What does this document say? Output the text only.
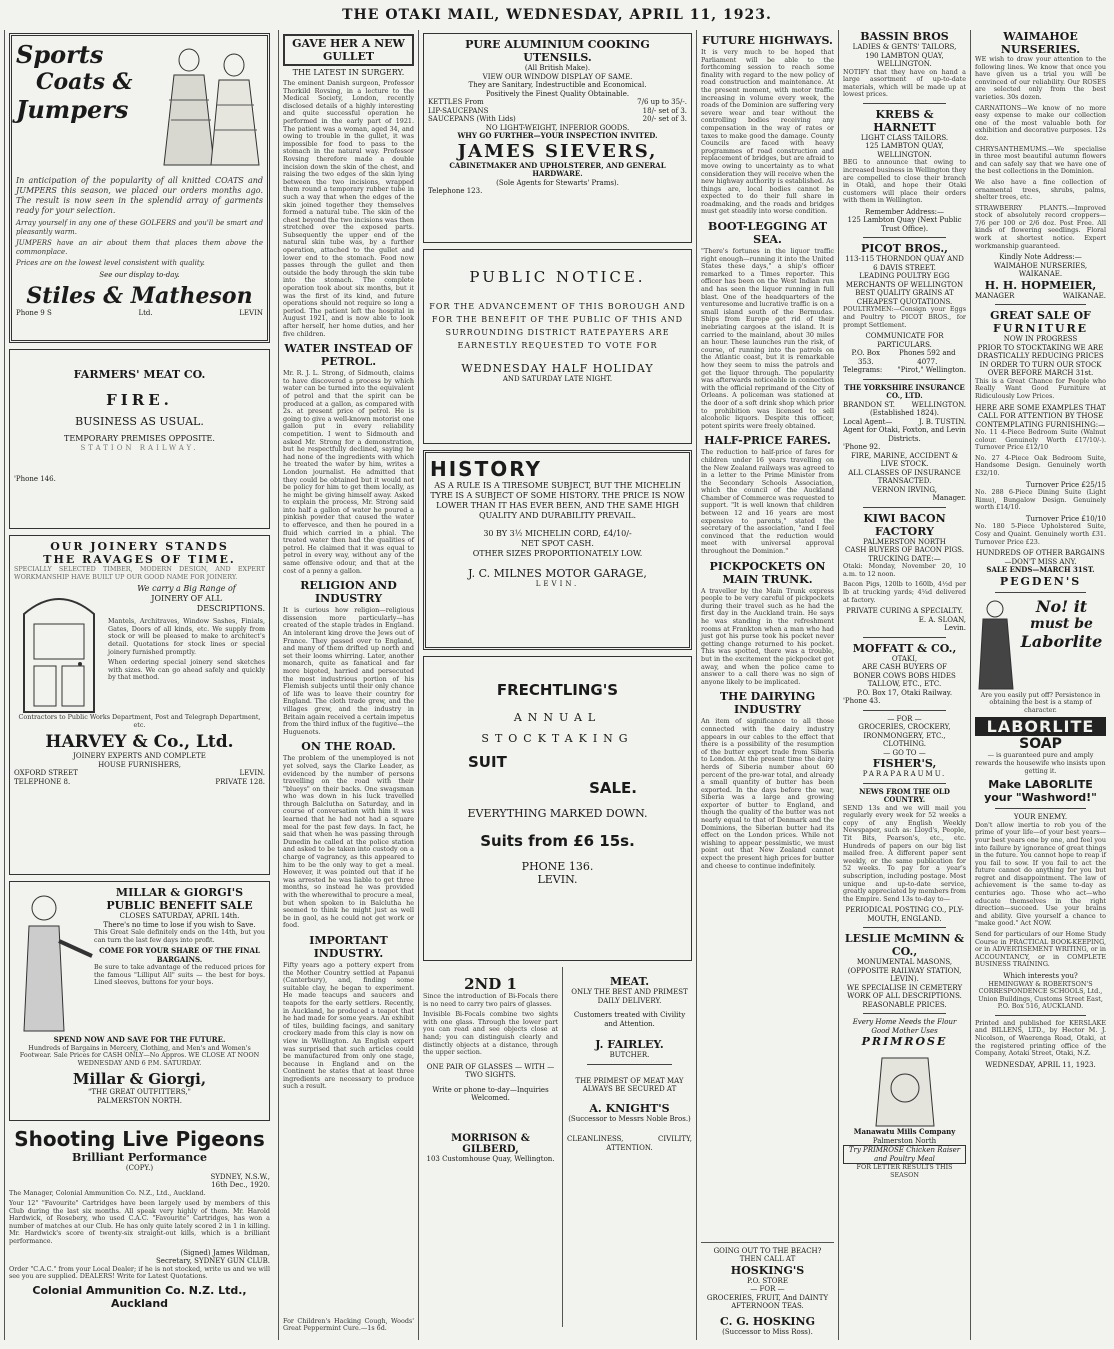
THE OTAKI MAIL, WEDNESDAY, APRIL 11, 1923.
Sports
Coats &
Jumpers
In anticipation of the popularity of all knitted COATS and JUMPERS this season, we placed our orders months ago. The result is now seen in the splendid array of garments ready for your selection.
Array yourself in any one of these GOLFERS and you'll be smart and pleasantly warm.
JUMPERS have an air about them that places them above the commonplace.
Prices are on the lowest level consistent with quality.
See our display to-day.
Stiles & Matheson
Phone 9 S	Ltd.	LEVIN
FARMERS' MEAT CO.
FIRE.
BUSINESS AS USUAL.
TEMPORARY PREMISES OPPOSITE.
STATION RAILWAY.
'Phone 146.
OUR JOINERY STANDS
THE RAVAGES OF TIME.
SPECIALLY SELECTED TIMBER, MODERN DESIGN, AND EXPERT WORKMANSHIP HAVE BUILT UP OUR GOOD NAME FOR JOINERY.
We carry a Big Range of
JOINERY OF ALL
DESCRIPTIONS.
Mantels, Architraves, Window Sashes, Finials, Gates, Doors of all kinds, etc. We supply from stock or will be pleased to make to architect's detail. Quotations for stock lines or special joinery furnished promptly.
When ordering special joinery send sketches with sizes. We can go ahead safely and quickly by that method.
Contractors to Public Works Department, Post and Telegraph Department, etc.
HARVEY & Co., Ltd.
JOINERY EXPERTS AND COMPLETE
HOUSE FURNISHERS,
OXFORD STREET	LEVIN.
TELEPHONE 8.	PRIVATE 128.
MILLAR & GIORGI'S
PUBLIC BENEFIT SALE
CLOSES SATURDAY, APRIL 14th.
There's no time to lose if you wish to Save.
This Great Sale definitely ends on the 14th, but you can turn the last few days into profit.
COME FOR YOUR SHARE OF THE FINAL BARGAINS.
Be sure to take advantage of the reduced prices for the famous "Lilliput All" suits — the best for boys. Lined sleeves, buttons for your boys.
SPEND NOW AND SAVE FOR THE FUTURE.
Hundreds of Bargains in Mercery, Clothing, and Men's and Women's Footwear. Sale Prices for CASH ONLY—No Appros. WE CLOSE AT NOON WEDNESDAY AND 6 P.M. SATURDAY.
Millar & Giorgi,
"THE GREAT OUTFITTERS,"
PALMERSTON NORTH.
Shooting Live Pigeons
Brilliant Performance
(COPY.)
SYDNEY, N.S.W.,
16th Dec., 1920.
The Manager, Colonial Ammunition Co. N.Z., Ltd., Auckland.
Your 12" "Favourite" Cartridges have been largely used by members of this Club during the last six months. All speak very highly of them. Mr. Harold Hardwick, of Rosebery, who used C.A.C. "Favourite" Cartridges, has won a number of matches at our Club. He has only quite lately scored 2 in 1 in killing. Mr. Hardwick's score of twenty-six straight-out kills, which is a brilliant performance.
(Signed) James Wildman,
Secretary, SYDNEY GUN CLUB.
Order "C.A.C." from your Local Dealer; if he is not stocked, write us and we will see you are supplied. DEALERS! Write for Latest Quotations.
Colonial Ammunition Co. N.Z. Ltd., Auckland
GAVE HER A NEW GULLET
THE LATEST IN SURGERY.
The eminent Danish surgeon, Professor Thorkild Rovsing, in a lecture to the Medical Society, London, recently disclosed details of a highly interesting and quite successful operation he performed in the early part of 1921. The patient was a woman, aged 34, and owing to trouble in the gullet, it was impossible for food to pass to the stomach in the natural way. Professor Rovsing therefore made a double incision down the skin of the chest, and raising the two edges of the skin lying between the two incisions, wrapped them round a temporary rubber tube in such a way that when the edges of the skin joined together they themselves formed a natural tube. The skin of the chest beyond the two incisions was then stretched over the exposed parts. Subsequently the upper end of the natural skin tube was, by a further operation, attached to the gullet and lower end to the stomach. Food now passes through the gullet and then outside the body through the skin tube into the stomach. The complete operation took about six months, but it was the first of its kind, and future operations should not require so long a period. The patient left the hospital in August 1921, and is now able to look after herself, her home duties, and her five children.
WATER INSTEAD OF PETROL.
Mr. R. J. L. Strong, of Sidmouth, claims to have discovered a process by which water can be turned into the equivalent of petrol and that the spirit can be produced at a gallon, as compared with 2s. at present price of petrol. He is going to give a well-known motorist one gallon put in every reliability competition. I went to Sidmouth and asked Mr. Strong for a demonstration, but he respectfully declined, saying he had none of the ingredients with which he treated the water by him, writes a London journalist. He admitted that they could be obtained but it would not be policy for him to get them locally, as he might be giving himself away. Asked to explain the process, Mr. Strong said into half a gallon of water he poured a pinkish powder that caused the water to effervesce, and then he poured in a fluid which carried in a phial. The treated water then had the qualities of petrol. He claimed that it was equal to petrol in every way, without any of the same offensive odour, and that at the cost of a penny a gallon.
RELIGION AND INDUSTRY
It is curious how religion—religious dissension more particularly—has created of the staple trades in England. An intolerant king drove the Jews out of France. They passed over to England, and many of them drifted up north and set their looms whirring. Later, another monarch, quite as fanatical and far more bigoted, harried and persecuted the most industrious portion of his Flemish subjects until their only chance of life was to leave their country for England. The cloth trade grew, and the villages grew, and the industry in Britain again received a certain impetus from the third influx of the fugitive—the Huguenots.
ON THE ROAD.
The problem of the unemployed is not yet solved, says the Clarke Leader, as evidenced by the number of persons travelling on the road with their "blueys" on their backs. One swagsman who was down in his luck travelled through Balclutha on Saturday, and in course of conversation with him it was learned that he had not had a square meal for the past few days. In fact, he said that when he was passing through Dunedin he called at the police station and asked to be taken into custody on a charge of vagrancy, as this appeared to him to be the only way to get a meal. However, it was pointed out that if he was arrested he was liable to get three months, so instead he was provided with the wherewithal to procure a meal, but when spoken to in Balclutha he seemed to think he might just as well be in gaol, as he could not get work or food.
IMPORTANT INDUSTRY.
Fifty years ago a pottery expert from the Mother Country settled at Papanui (Canterbury), and, finding some suitable clay, he began to experiment. He made teacups and saucers and teapots for the early settlers. Recently, in Auckland, he produced a teapot that he had made for some years. An exhibit of tiles, building facings, and sanitary crockery made from this clay is now on view in Wellington. An English expert was surprised that such articles could be manufactured from only one stage, because in England and on the Continent he states that at least three ingredients are necessary to produce such a result.
For Children's Hacking Cough, Woods' Great Peppermint Cure.—1s 6d.
PURE ALUMINIUM COOKING
UTENSILS.
(All British Make).
VIEW OUR WINDOW DISPLAY OF SAME.
They are Sanitary, Indestructible and Economical.
Positively the Finest Quality Obtainable.
KETTLES From	7/6 up to 35/-.
LIP-SAUCEPANS	18/- set of 3.
SAUCEPANS (With Lids)	20/- set of 3.
NO LIGHT-WEIGHT, INFERIOR GOODS.
WHY GO FURTHER—YOUR INSPECTION INVITED.
JAMES SIEVERS,
CABINETMAKER AND UPHOLSTERER, AND GENERAL HARDWARE.
(Sole Agents for Stewarts' Prams).
Telephone 123.
PUBLIC NOTICE.
FOR THE ADVANCEMENT OF THIS BOROUGH AND FOR THE BENEFIT OF THE PUBLIC OF THIS AND SURROUNDING DISTRICT RATEPAYERS ARE EARNESTLY REQUESTED TO VOTE FOR
WEDNESDAY HALF HOLIDAY
AND SATURDAY LATE NIGHT.
HISTORY
AS A RULE IS A TIRESOME SUBJECT, BUT THE MICHELIN TYRE IS A SUBJECT OF SOME HISTORY. THE PRICE IS NOW LOWER THAN IT HAS EVER BEEN, AND THE SAME HIGH QUALITY AND DURABILITY PREVAIL.
30 BY 3½ MICHELIN CORD, £4/10/-
NET SPOT CASH.
OTHER SIZES PROPORTIONATELY LOW.
J. C. MILNES MOTOR GARAGE,
LEVIN.
FRECHTLING'S
ANNUAL
STOCKTAKING
SUIT
SALE.
EVERYTHING MARKED DOWN.
Suits from £6 15s.
PHONE 136.
LEVIN.
2ND 1
Since the introduction of Bi-Focals there is no need to carry two pairs of glasses.
Invisible Bi-Focals combine two sights with one glass. Through the lower part you can read and see objects close at hand; you can distinguish clearly and distinctly objects at a distance, through the upper section.
ONE PAIR OF GLASSES — WITH — TWO SIGHTS.
Write or phone to-day—Inquiries Welcomed.
MORRISON & GILBERD,
103 Customhouse Quay, Wellington.
MEAT.
ONLY THE BEST AND PRIMEST DAILY DELIVERY.
Customers treated with Civility and Attention.
J. FAIRLEY.
BUTCHER.
THE PRIMEST OF MEAT MAY ALWAYS BE SECURED AT
A. KNIGHT'S
(Successor to Messrs Noble Bros.)
CLEANLINESS,	CIVILITY,
ATTENTION.
FUTURE HIGHWAYS.
It is very much to be hoped that Parliament will be able to the forthcoming session to reach some finality with regard to the new policy of road construction and maintenance. At the present moment, with motor traffic increasing in volume every week, the roads of the Dominion are suffering very severe wear and tear without the controlling bodies receiving any compensation in the way of rates or taxes to make good the damage. County Councils are faced with heavy programmes of road construction and replacement of bridges, but are afraid to move owing to uncertainty as to what consideration they will receive when the new highway authority is established. As things are, local bodies cannot be expected to do their full share in roadmaking, and the roads and bridges must get steadily into worse condition.
BOOT-LEGGING AT SEA.
"There's fortunes in the liquor traffic right enough—running it into the United States these days," a ship's officer remarked to a Times reporter. This officer has been on the West Indian run and has seen the liquor running in full blast. One of the headquarters of the venturesome and lucrative traffic is on a small island south of the Bermudas. Ships from Europe get rid of their inebriating cargoes at the island. It is carried to the mainland, about 30 miles an hour. These launches run the risk, of course, of running into the patrols on the Atlantic coast, but it is remarkable how they seem to miss the patrols and get the liquor through. The popularity was afterwards noticeable in connection with the official reprimand of the City of Orleans. A policeman was stationed at the door of a soft drink shop which prior to prohibition was licensed to sell alcoholic liquors. Despite this officer, potent spirits were freely obtained.
HALF-PRICE FARES.
The reduction to half-price of fares for children under 16 years travelling on the New Zealand railways was agreed to in a letter to the Prime Minister from the Secondary Schools Association, which the council of the Auckland Chamber of Commerce was requested to support. "It is well known that children between 12 and 16 years are most expensive to parents," stated the secretary of the association, "and I feel convinced that the reduction would meet with universal approval throughout the Dominion."
PICKPOCKETS ON MAIN TRUNK.
A traveller by the Main Trunk express people to be very careful of pickpockets during their travel such as he had the first day in the Auckland train. He says he was standing in the refreshment rooms at Frankton when a man who had just got his purse took his pocket never getting change returned to his pocket. This was spotted, there was a trouble, but in the excitement the pickpocket got away, and when the police came to answer to a call there was no sign of anyone likely to be implicated.
THE DAIRYING INDUSTRY
An item of significance to all those connected with the dairy industry appears in our cables to the effect that there is a possibility of the resumption of the butter export trade from Siberia to London. At the present time the dairy herds of Siberia number about 60 percent of the pre-war total, and already a small quantity of butter has been exported. In the days before the war, Siberia was a large and growing exporter of butter to England, and though the quality of the butter was not nearly equal to that of Denmark and the Dominions, the Siberian butter had its effect on the London prices. While not wishing to appear pessimistic, we must point out that New Zealand cannot expect the present high prices for butter and cheese to continue indefinitely.
GOING OUT TO THE BEACH?
THEN CALL AT
HOSKING'S
P.O. STORE
— FOR —
GROCERIES, FRUIT, And DAINTY AFTERNOON TEAS.
C. G. HOSKING
(Successor to Miss Ross).
BASSIN BROS
LADIES & GENTS' TAILORS,
190 LAMBTON QUAY,
WELLINGTON.
NOTIFY that they have on hand a large assortment of up-to-date materials, which will be made up at lowest prices.
KREBS & HARNETT
LIGHT CLASS TAILORS.
125 LAMBTON QUAY, WELLINGTON.
BEG to announce that owing to increased business in Wellington they are compelled to close their branch in Otaki, and hope their Otaki customers will place their orders with them in Wellington.
Remember Address:—
125 Lambton Quay (Next Public Trust Office).
PICOT BROS.,
113-115 THORNDON QUAY AND 6 DAVIS STREET.
LEADING POULTRY EGG MERCHANTS OF WELLINGTON BEST QUALITY GRAINS AT CHEAPEST QUOTATIONS.
POULTRYMEN:—Consign your Eggs and Poultry to PICOT BROS., for prompt Settlement.
COMMUNICATE FOR PARTICULARS.
P.O. Box 353.
Phones 592 and 4077.
Telegrams: "Pirot," Wellington.
THE YORKSHIRE INSURANCE CO., LTD.
BRANDON ST. WELLINGTON.
(Established 1824).
Local Agent—	J. B. TUSTIN.
Agent for Otaki, Foxton, and Levin Districts.
'Phone 92.
FIRE, MARINE, ACCIDENT & LIVE STOCK.
ALL CLASSES OF INSURANCE TRANSACTED.
VERNON IRVING,
Manager.
KIWI BACON
FACTORY
PALMERSTON NORTH
CASH BUYERS OF BACON PIGS.
TRUCKING DATE:—
Otaki: Monday, November 20, 10 a.m. to 12 noon.
Bacon Pigs, 120lb to 160lb, 4½d per lb at trucking yards; 4¼d delivered at factory.
PRIVATE CURING A SPECIALTY.
E. A. SLOAN,
Levin.
MOFFATT & CO.,
OTAKI,
ARE CASH BUYERS OF
BONER COWS BOBS HIDES TALLOW, ETC., ETC.
P.O. Box 17, Otaki Railway.
'Phone 43.
— FOR —
GROCERIES, CROCKERY, IRONMONGERY, ETC., CLOTHING.
— GO TO —
FISHER'S,
PARAPARAUMU.
NEWS FROM THE OLD COUNTRY.
SEND 13s and we will mail you regularly every week for 52 weeks a copy of any English Weekly Newspaper, such as: Lloyd's, People, Tit Bits, Pearson's, etc., etc. Hundreds of papers on our big list mailed free. A different paper sent weekly, or the same publication for 52 weeks. To pay for a year's subscription, including postage. Most unique and up-to-date service, greatly appreciated by members from the Empire. Send 13s to-day to—
PERIODICAL POSTING CO., PLY-MOUTH, ENGLAND.
LESLIE McMINN &
CO.,
MONUMENTAL MASONS,
(OPPOSITE RAILWAY STATION, LEVIN).
WE SPECIALISE IN CEMETERY WORK OF ALL DESCRIPTIONS. REASONABLE PRICES.
Every Home Needs the Flour
Good Mother Uses
PRIMROSE
Manawatu Mills Company
Palmerston North
Try PRIMROSE Chicken Raiser and Poultry Meal
FOR LETTER RESULTS THIS SEASON
WAIMAHOE
NURSERIES.
WE wish to draw your attention to the following lines. We know that once you have given us a trial you will be convinced of our reliability. Our ROSES are selected only from the best varieties. 30s dozen.
CARNATIONS—We know of no more easy expense to make our collection one of the most valuable both for exhibition and decorative purposes. 12s doz.
CHRYSANTHEMUMS.—We specialise in three most beautiful autumn flowers and can safely say that we have one of the best collections in the Dominion.
We also have a fine collection of ornamental trees, shrubs, palms, shelter trees, etc.
STRAWBERRY PLANTS.—Improved stock of absolutely record croppers—7/6 per 100 or 2/6 doz. Post Free. All kinds of flowering seedlings. Floral work at shortest notice. Expert workmanship guaranteed.
Kindly Note Address:—
WAIMAHOE NURSERIES,
WAIKANAE.
H. H. HOPMEIER,
MANAGER	WAIKANAE.
GREAT SALE OF
FURNITURE
NOW IN PROGRESS
PRIOR TO STOCKTAKING WE ARE DRASTICALLY REDUCING PRICES IN ORDER TO TURN OUR STOCK OVER BEFORE MARCH 31st.
This is a Great Chance for People who Really Want Good Furniture at Ridiculously Low Prices.
HERE ARE SOME EXAMPLES THAT CALL FOR ATTENTION BY THOSE CONTEMPLATING FURNISHING:—
No. 11 4-Piece Bedroom Suite (Walnut colour. Genuinely Worth £17/10/-). Turnover Price £12/10
No. 27 4-Piece Oak Bedroom Suite, Handsome Design. Genuinely worth £32/10.
Turnover Price £25/15
No. 288 6-Piece Dining Suite (Light Rimu), Bungalow Design. Genuinely worth £14/10.
Turnover Price £10/10
No. 180 5-Piece Upholstered Suite, Cosy and Quaint. Genuinely worth £31. Turnover Price £23.
HUNDREDS OF OTHER BARGAINS
—DON'T MISS ANY.
SALE ENDS—MARCH 31ST.
PEGDEN'S
No! it
must be
Laborlite
Are you easily put off? Persistence in obtaining the best is a stamp of character.
LABORLITE
SOAP
— is guaranteed pure and amply rewards the housewife who insists upon getting it.
Make LABORLITE
your "Washword!"
YOUR ENEMY.
Don't allow inertia to rob you of the prime of your life—of your best years—your best years one by one, and feel you into failure by ignorance of great things in the future. You cannot hope to reap if you fail to sow. If you fail to act the future cannot do anything for you but regret and disappointment. The law of achievement is the same to-day as centuries ago. Those who act—who educate themselves in the right direction—succeed. Use your brains and ability. Give yourself a chance to "make good." Act NOW.
Send for particulars of our Home Study Course in PRACTICAL BOOK-KEEPING, or in ADVERTISEMENT WRITING, or in ACCOUNTANCY, or in COMPLETE BUSINESS TRAINING.
Which interests you?
HEMINGWAY & ROBERTSON'S CORRESPONDENCE SCHOOLS, Ltd., Union Buildings, Customs Street East, P.O. Box 516, AUCKLAND.
Printed and published for KERSLAKE and BILLENS, LTD., by Hector M. J. Nicolson, of Waerenga Road, Otaki, at the registered printing office of the Company, Aotaki Street, Otaki, N.Z.
WEDNESDAY, APRIL 11, 1923.
